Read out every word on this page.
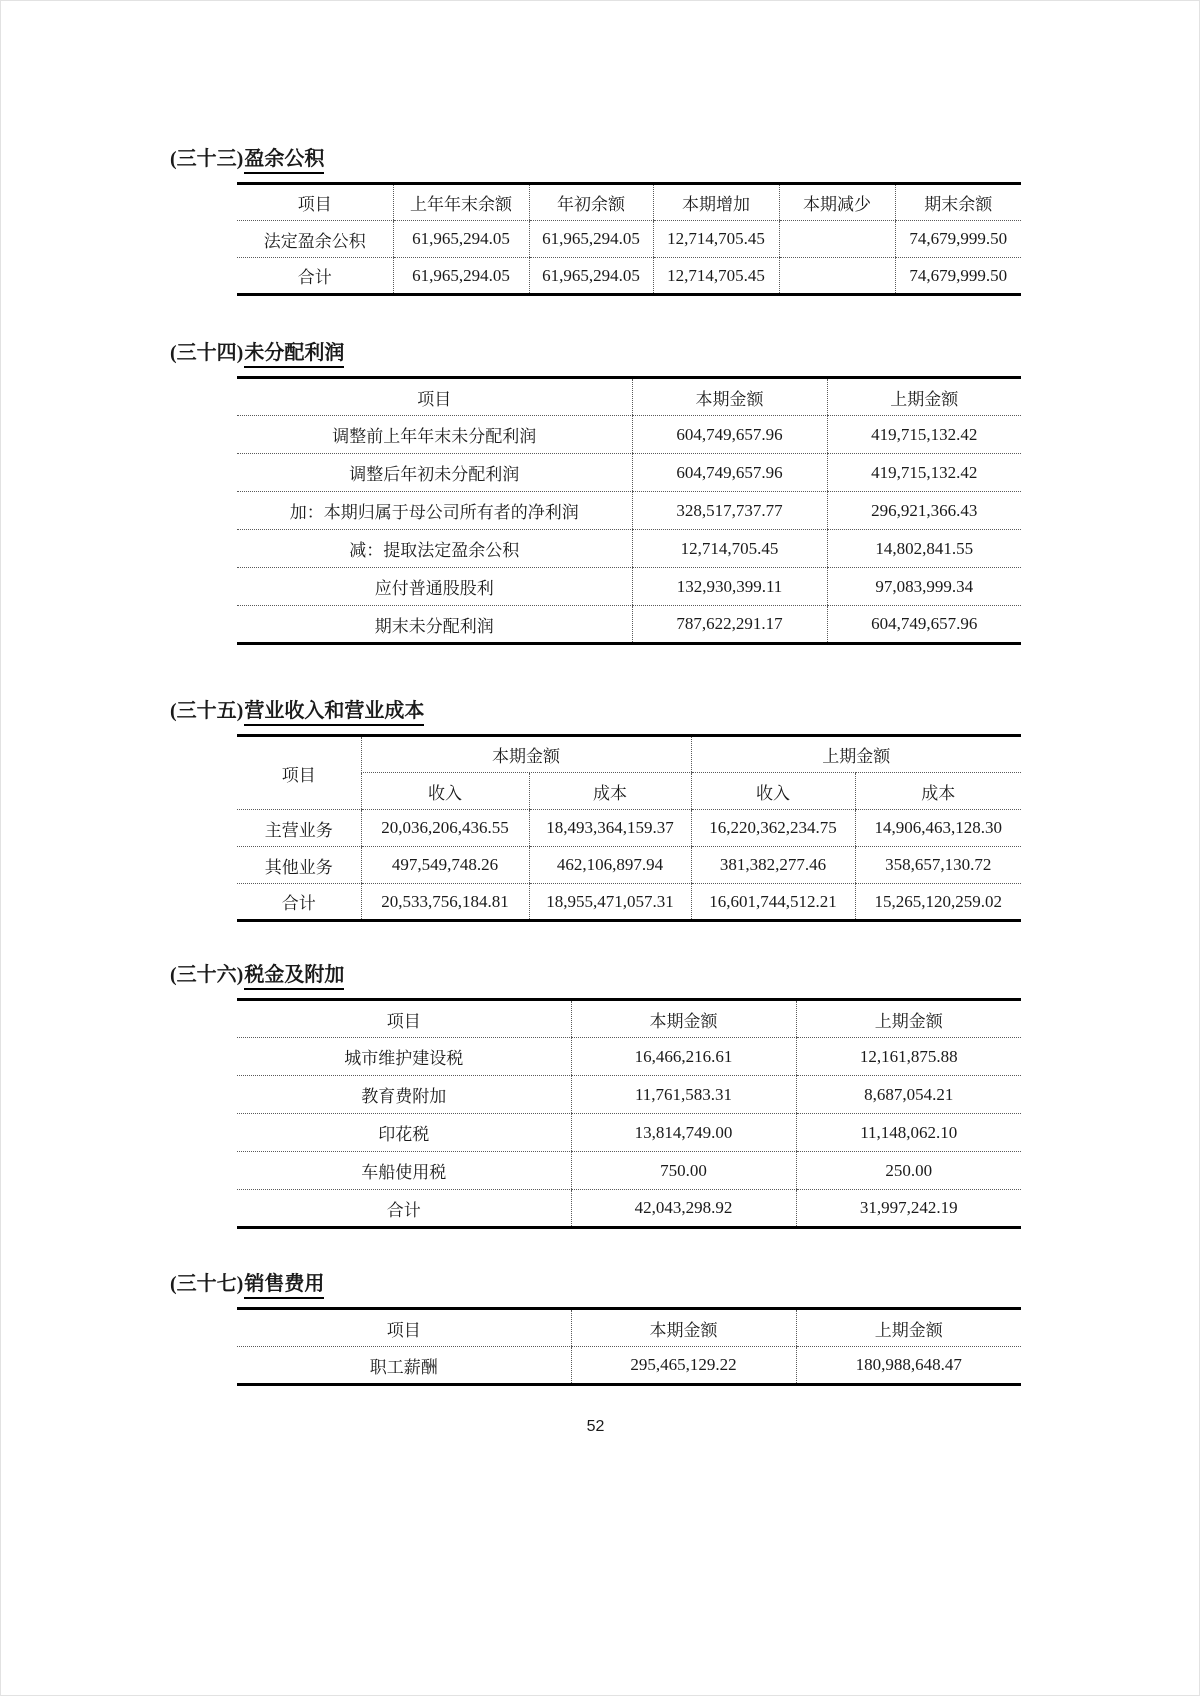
(三十三)盈余公积
项目	上年年末余额	年初余额	本期增加	本期减少	期末余额
法定盈余公积	61,965,294.05	61,965,294.05	12,714,705.45		74,679,999.50
合计	61,965,294.05	61,965,294.05	12,714,705.45		74,679,999.50
(三十四)未分配利润
项目	本期金额	上期金额
调整前上年年末未分配利润	604,749,657.96	419,715,132.42
调整后年初未分配利润	604,749,657.96	419,715,132.42
加：本期归属于母公司所有者的净利润	328,517,737.77	296,921,366.43
减：提取法定盈余公积	12,714,705.45	14,802,841.55
应付普通股股利	132,930,399.11	97,083,999.34
期末未分配利润	787,622,291.17	604,749,657.96
(三十五)营业收入和营业成本
项目	本期金额		上期金额	
	收入	成本	收入	成本
主营业务	20,036,206,436.55	18,493,364,159.37	16,220,362,234.75	14,906,463,128.30
其他业务	497,549,748.26	462,106,897.94	381,382,277.46	358,657,130.72
合计	20,533,756,184.81	18,955,471,057.31	16,601,744,512.21	15,265,120,259.02
(三十六)税金及附加
项目	本期金额	上期金额
城市维护建设税	16,466,216.61	12,161,875.88
教育费附加	11,761,583.31	8,687,054.21
印花税	13,814,749.00	11,148,062.10
车船使用税	750.00	250.00
合计	42,043,298.92	31,997,242.19
(三十七)销售费用
项目	本期金额	上期金额
职工薪酬	295,465,129.22	180,988,648.47
52
